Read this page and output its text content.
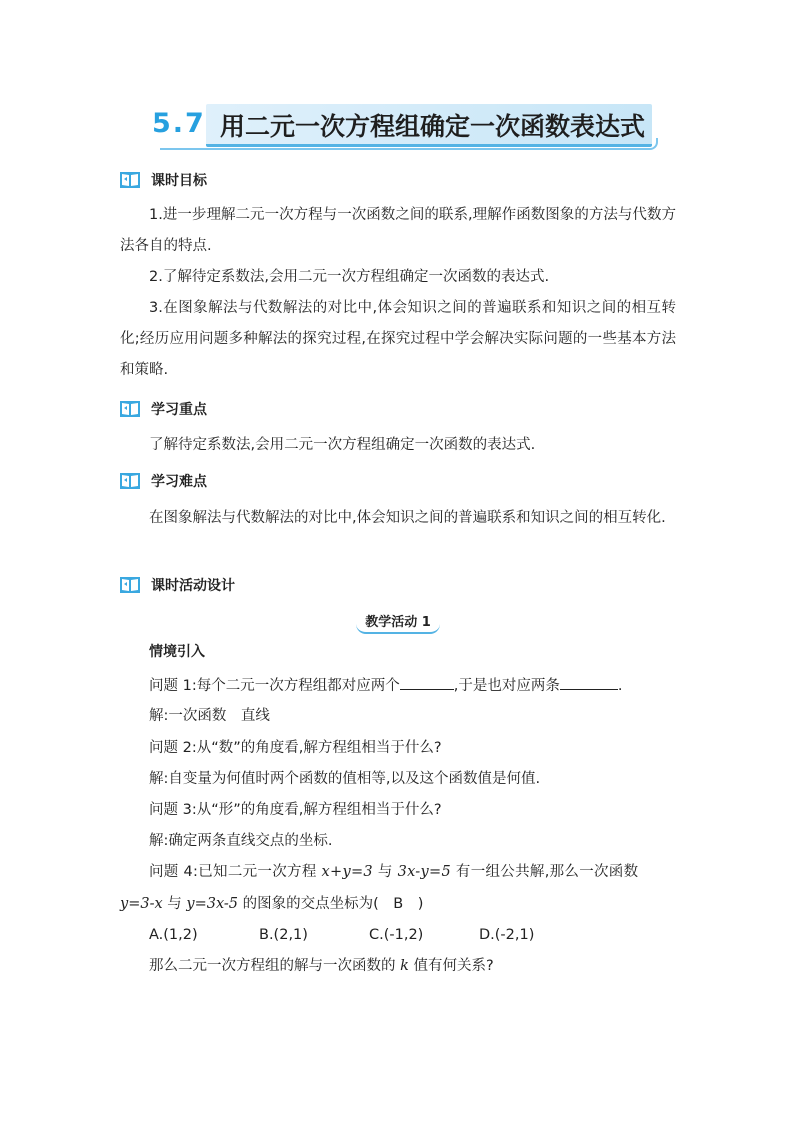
5.7 用二元一次方程组确定一次函数表达式
课时目标
1.进一步理解二元一次方程与一次函数之间的联系,理解作函数图象的方法与代数方法各自的特点.
2.了解待定系数法,会用二元一次方程组确定一次函数的表达式.
3.在图象解法与代数解法的对比中,体会知识之间的普遍联系和知识之间的相互转化;经历应用问题多种解法的探究过程,在探究过程中学会解决实际问题的一些基本方法和策略.
学习重点
了解待定系数法,会用二元一次方程组确定一次函数的表达式.
学习难点
在图象解法与代数解法的对比中,体会知识之间的普遍联系和知识之间的相互转化.
课时活动设计
教学活动 1
情境引入
问题 1:每个二元一次方程组都对应两个	,于是也对应两条	.
解:一次函数　直线
问题 2:从“数”的角度看,解方程组相当于什么?
解:自变量为何值时两个函数的值相等,以及这个函数值是何值.
问题 3:从“形”的角度看,解方程组相当于什么?
解:确定两条直线交点的坐标.
问题 4:已知二元一次方程 x+y=3 与 3x-y=5 有一组公共解,那么一次函数
y=3-x 与 y=3x-5 的图象的交点坐标为(　B　)
A.(1,2)	B.(2,1)	C.(-1,2)	D.(-2,1)
那么二元一次方程组的解与一次函数的 k 值有何关系?
